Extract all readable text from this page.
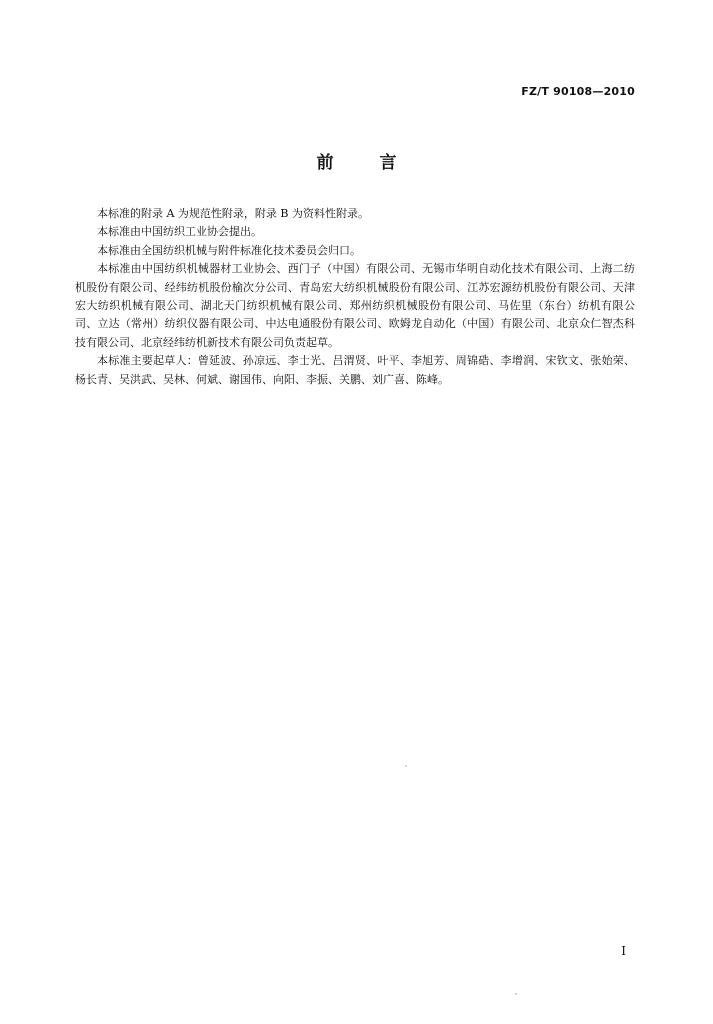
FZ/T 90108—2010
前	言

本标准的附录 A 为规范性附录，附录 B 为资料性附录。

本标准由中国纺织工业协会提出。

本标准由全国纺织机械与附件标准化技术委员会归口。

本标准由中国纺织机械器材工业协会、西门子（中国）有限公司、无锡市华明自动化技术有限公司、上海二纺机股份有限公司、经纬纺机股份榆次分公司、青岛宏大纺织机械股份有限公司、江苏宏源纺机股份有限公司、天津宏大纺织机械有限公司、湖北天门纺织机械有限公司、郑州纺织机械股份有限公司、马佐里（东台）纺机有限公司、立达（常州）纺织仪器有限公司、中达电通股份有限公司、欧姆龙自动化（中国）有限公司、北京众仁智杰科技有限公司、北京经纬纺机新技术有限公司负责起草。

本标准主要起草人：曾延波、孙凉远、李士光、吕渭贤、叶平、李旭芳、周锦硞、李增润、宋钦文、张始荣、杨长青、吴洪武、吴林、何斌、谢国伟、向阳、李振、关鹏、刘广喜、陈峰。

I
